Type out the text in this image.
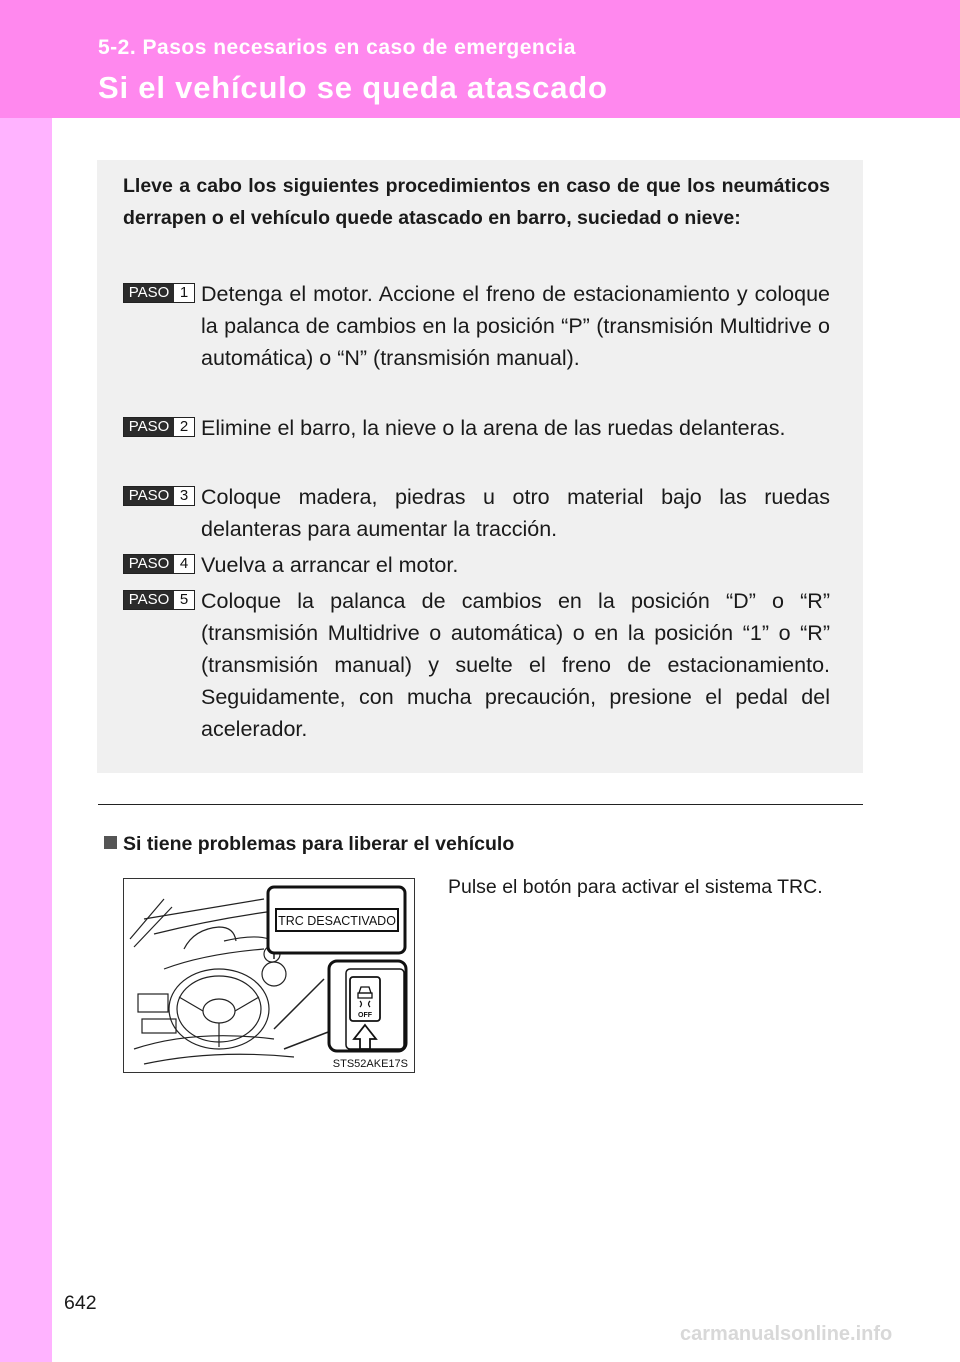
5-2. Pasos necesarios en caso de emergencia
Si el vehículo se queda atascado
Lleve a cabo los siguientes procedimientos en caso de que los neumáticos derrapen o el vehículo quede atascado en barro, suciedad o nieve:
PASO 1 Detenga el motor. Accione el freno de estacionamiento y coloque la palanca de cambios en la posición “P” (transmisión Multidrive o automática) o “N” (transmisión manual).
PASO 2 Elimine el barro, la nieve o la arena de las ruedas delanteras.
PASO 3 Coloque madera, piedras u otro material bajo las ruedas delanteras para aumentar la tracción.
PASO 4 Vuelva a arrancar el motor.
PASO 5 Coloque la palanca de cambios en la posición “D” o “R” (transmisión Multidrive o automática) o en la posición “1” o “R” (transmisión manual) y suelte el freno de estacionamiento. Seguidamente, con mucha precaución, presione el pedal del acelerador.
Si tiene problemas para liberar el vehículo
TRC DESACTIVADO
OFF
STS52AKE17S
Pulse el botón para activar el sistema TRC.
642
carmanualsonline.info
